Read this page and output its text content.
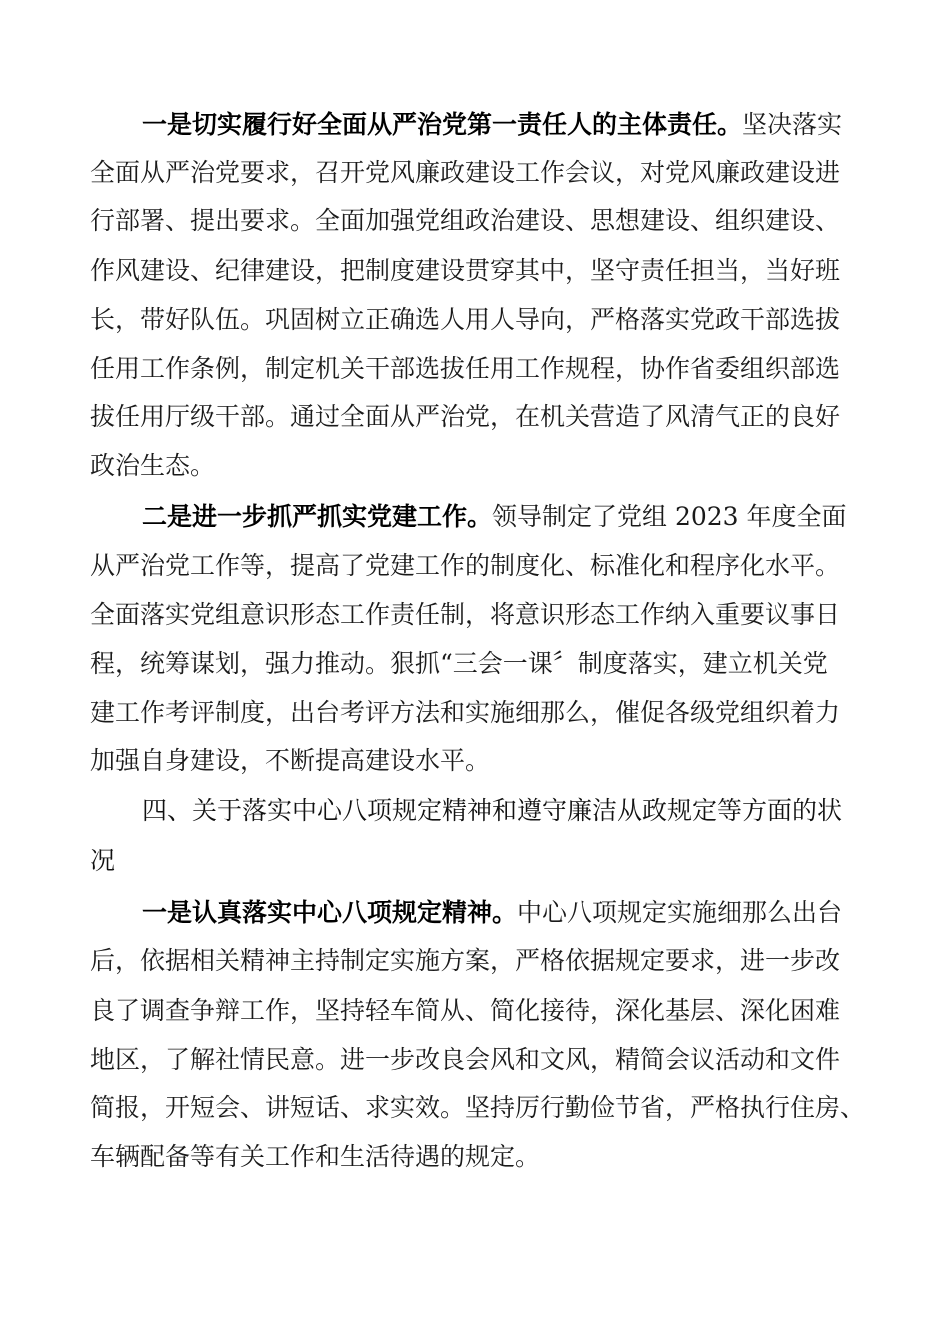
一是切实履行好全面从严治党第一责任人的主体责任。坚决落实

全面从严治党要求，召开党风廉政建设工作会议，对党风廉政建设进

行部署、提出要求。全面加强党组政治建设、思想建设、组织建设、

作风建设、纪律建设，把制度建设贯穿其中，坚守责任担当，当好班

长，带好队伍。巩固树立正确选人用人导向，严格落实党政干部选拔

任用工作条例，制定机关干部选拔任用工作规程，协作省委组织部选

拔任用厅级干部。通过全面从严治党，在机关营造了风清气正的良好

政治生态。

二是进一步抓严抓实党建工作。领导制定了党组 2023 年度全面

从严治党工作等，提高了党建工作的制度化、标准化和程序化水平。

全面落实党组意识形态工作责任制，将意识形态工作纳入重要议事日

程，统筹谋划，强力推动。狠抓“三会一课〞制度落实，建立机关党

建工作考评制度，出台考评方法和实施细那么，催促各级党组织着力

加强自身建设，不断提高建设水平。

四、关于落实中心八项规定精神和遵守廉洁从政规定等方面的状

况

一是认真落实中心八项规定精神。中心八项规定实施细那么出台

后，依据相关精神主持制定实施方案，严格依据规定要求，进一步改

良了调查争辩工作，坚持轻车简从、简化接待，深化基层、深化困难

地区，了解社情民意。进一步改良会风和文风，精简会议活动和文件

简报，开短会、讲短话、求实效。坚持厉行勤俭节省，严格执行住房、

车辆配备等有关工作和生活待遇的规定。
